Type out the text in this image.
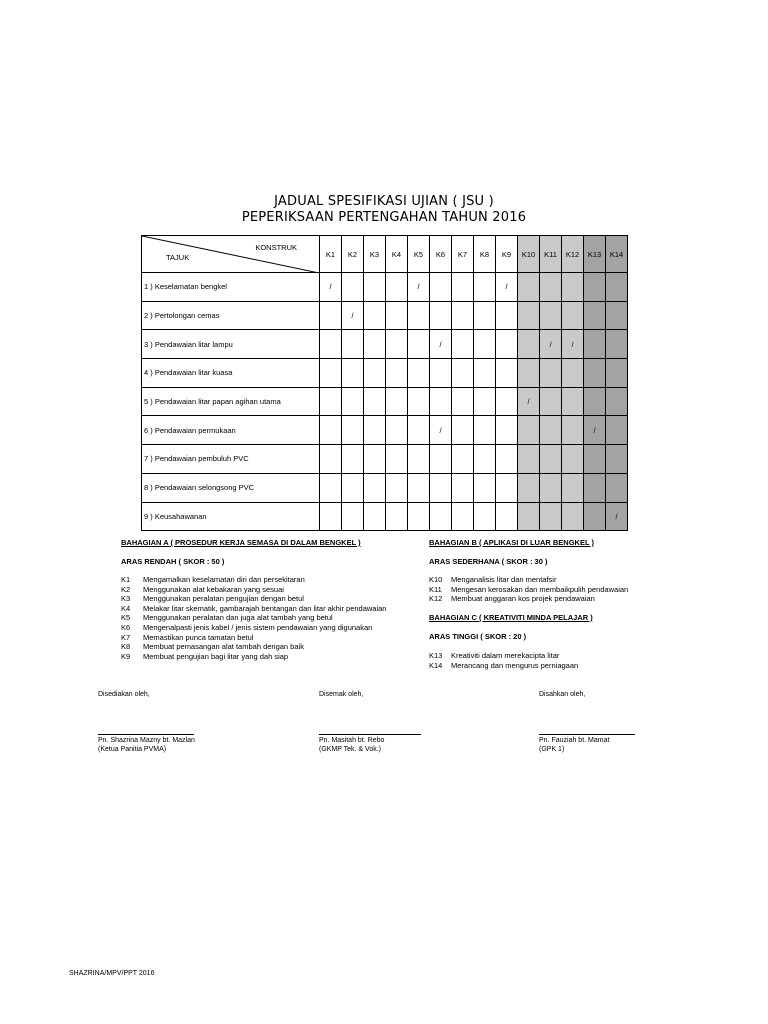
JADUAL SPESIFIKASI UJIAN ( JSU )
PEPERIKSAAN PERTENGAHAN TAHUN 2016
KONSTRUK
TAJUK	K1	K2	K3	K4	K5	K6	K7	K8	K9	K10	K11	K12	K13	K14
1 ) Keselamatan bengkel	/				/				/					
2 ) Pertolongan cemas		/												
3 ) Pendawaian litar lampu						/					/	/		
4 ) Pendawaian litar kuasa														
5 ) Pendawaian litar papan agihan utama										/				
6 ) Pendawaian permukaan						/							/	
7 ) Pendawaian pembuluh PVC														
8 ) Pendawaian selongsong PVC														
9 ) Keusahawanan														/
BAHAGIAN A ( PROSEDUR KERJA SEMASA DI DALAM BENGKEL )
ARAS RENDAH ( SKOR : 50 )
K1	Mengamalkan keselamatan diri dan persekitaran
K2	Menggunakan alat kebakaran yang sesuai
K3	Menggunakan peralatan pengujian dengan betul
K4	Melakar litar skematik, gambarajah bentangan dan litar akhir pendawaian
K5	Menggunakan peralatan dan juga alat tambah yang betul
K6	Mengenalpasti jenis kabel / jenis sistem pendawaian yang digunakan
K7	Memastikan punca tamatan betul
K8	Membuat pemasangan alat tambah dengan baik
K9	Membuat pengujian bagi litar yang dah siap
BAHAGIAN B ( APLIKASI DI LUAR BENGKEL )
ARAS SEDERHANA ( SKOR : 30 )
K10	Menganalisis litar dan mentafsir
K11	Mengesan kerosakan dan membaikpulih pendawaian
K12	Membuat anggaran kos projek pendawaian
BAHAGIAN C ( KREATIVITI MINDA PELAJAR )
ARAS TINGGI ( SKOR : 20 )
K13	Kreativiti dalam merekacipta litar
K14	Merancang dan mengurus perniagaan
Disediakan oleh,
Pn. Shazrina Mazny bt. Mazlan
(Ketua Panitia PVMA)
Disemak oleh,
Pn. Masitah bt. Rebo
(GKMP Tek. & Vok.)
Disahkan oleh,
Pn. Fauziah bt. Mamat
(GPK 1)
SHAZRINA/MPV/PPT 2016
